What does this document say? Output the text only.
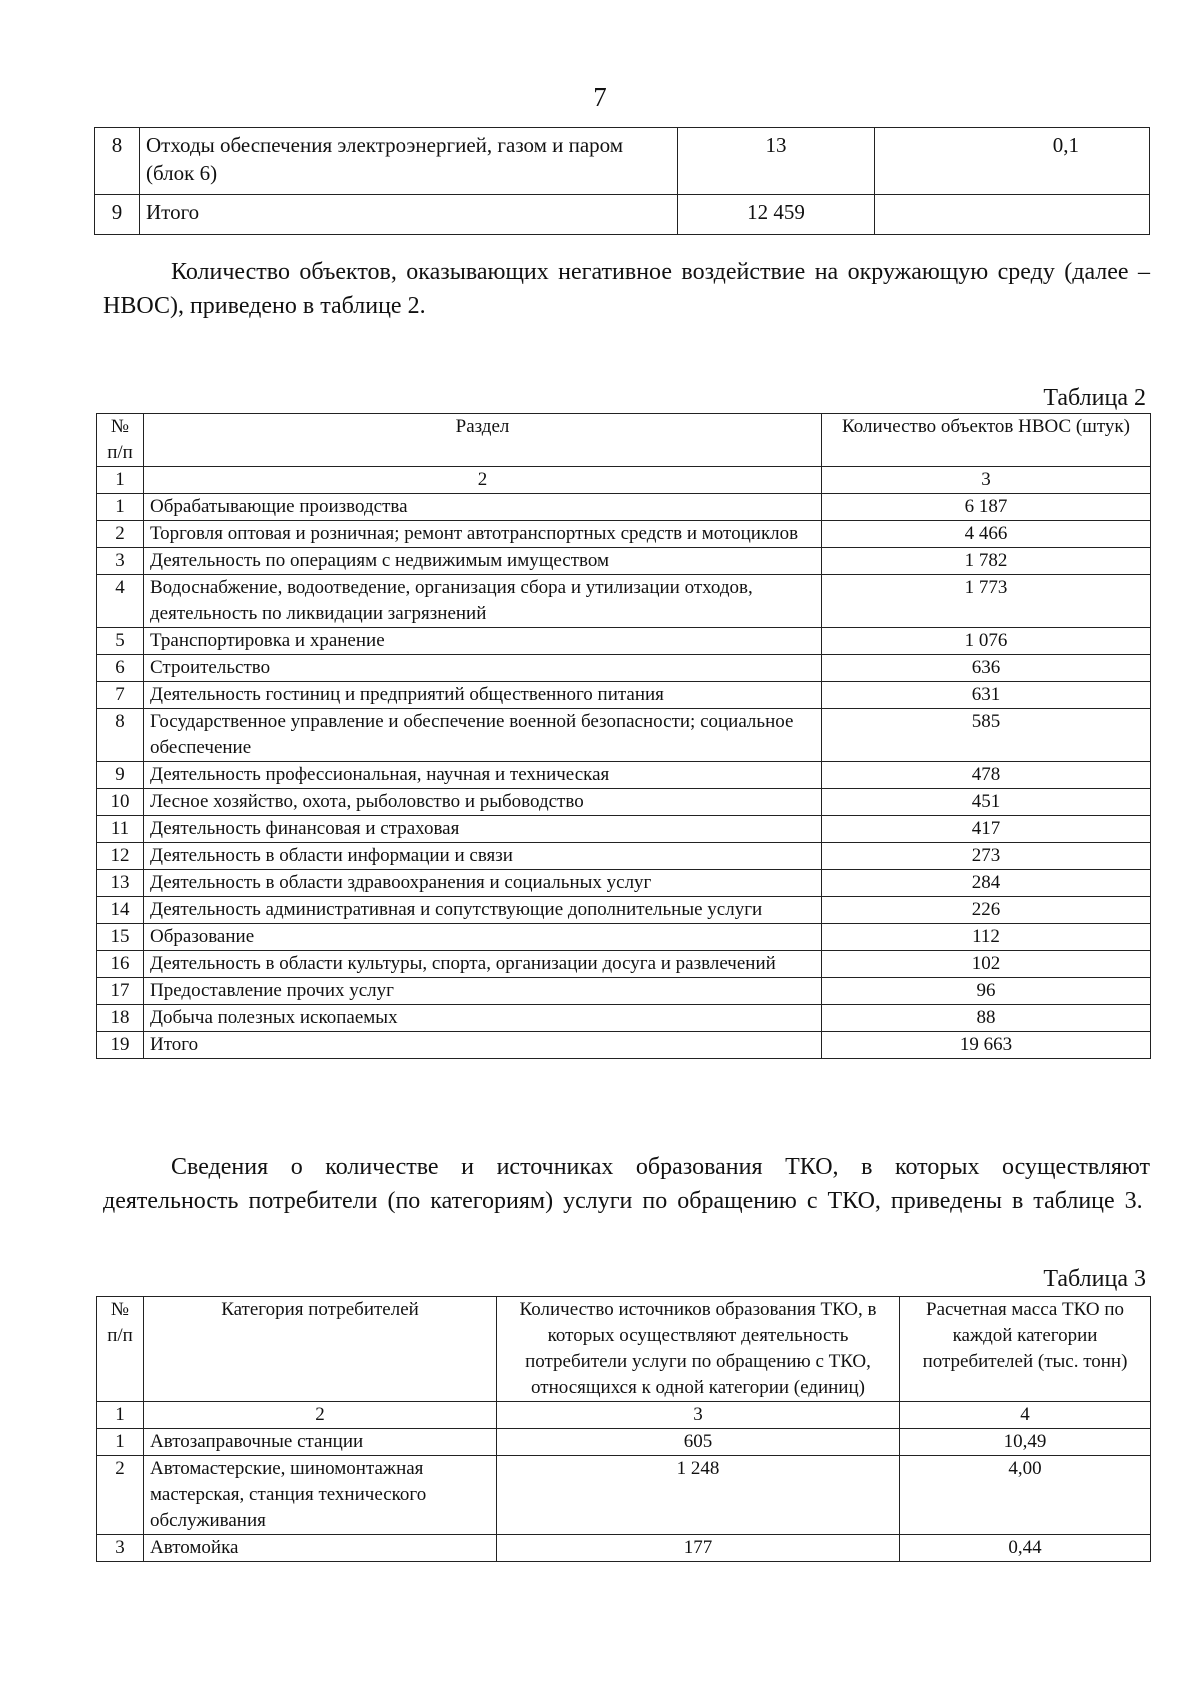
7
8	Отходы обеспечения электроэнергией, газом и паром (блок 6)	13	0,1
9	Итого	12 459	

Количество объектов, оказывающих негативное воздействие на окружающую среду (далее – НВОС), приведено в таблице 2.

Таблица 2
№ п/п	Раздел	Количество объектов НВОС (штук)
1	2	3
1	Обрабатывающие производства	6 187
2	Торговля оптовая и розничная; ремонт автотранспортных средств и мотоциклов	4 466
3	Деятельность по операциям с недвижимым имуществом	1 782
4	Водоснабжение, водоотведение, организация сбора и утилизации отходов, деятельность по ликвидации загрязнений	1 773
5	Транспортировка и хранение	1 076
6	Строительство	636
7	Деятельность гостиниц и предприятий общественного питания	631
8	Государственное управление и обеспечение военной безопасности; социальное обеспечение	585
9	Деятельность профессиональная, научная и техническая	478
10	Лесное хозяйство, охота, рыболовство и рыбоводство	451
11	Деятельность финансовая и страховая	417
12	Деятельность в области информации и связи	273
13	Деятельность в области здравоохранения и социальных услуг	284
14	Деятельность административная и сопутствующие дополнительные услуги	226
15	Образование	112
16	Деятельность в области культуры, спорта, организации досуга и развлечений	102
17	Предоставление прочих услуг	96
18	Добыча полезных ископаемых	88
19	Итого	19 663

Сведения о количестве и источниках образования ТКО, в которых осуществляют деятельность потребители (по категориям) услуги по обращению с ТКО, приведены в таблице 3.

Таблица 3
№ п/п	Категория потребителей	Количество источников образования ТКО, в которых осуществляют деятельность потребители услуги по обращению с ТКО, относящихся к одной категории (единиц)	Расчетная масса ТКО по каждой категории потребителей (тыс. тонн)
1	2	3	4
1	Автозаправочные станции	605	10,49
2	Автомастерские, шиномонтажная мастерская, станция технического обслуживания	1 248	4,00
3	Автомойка	177	0,44
